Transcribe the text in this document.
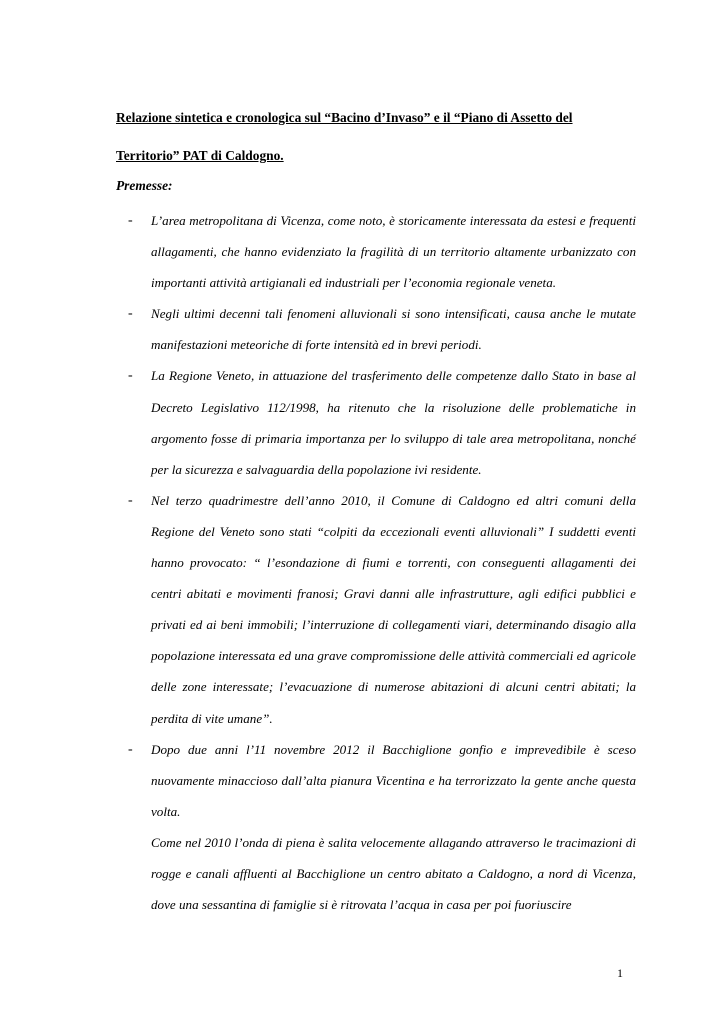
Relazione sintetica e cronologica sul “Bacino d’Invaso” e il “Piano di Assetto del
Territorio” PAT di Caldogno.
Premesse:
- L’area metropolitana di Vicenza, come noto, è storicamente interessata da estesi e frequenti allagamenti, che hanno evidenziato la fragilità di un territorio altamente urbanizzato con importanti attività artigianali ed industriali per l’economia regionale veneta.

- Negli ultimi decenni tali fenomeni alluvionali si sono intensificati, causa anche le mutate manifestazioni meteoriche di forte intensità ed in brevi periodi.

- La Regione Veneto, in attuazione del trasferimento delle competenze dallo Stato in base al Decreto Legislativo 112/1998, ha ritenuto che la risoluzione delle problematiche in argomento fosse di primaria importanza per lo sviluppo di tale area metropolitana, nonché per la sicurezza e salvaguardia della popolazione ivi residente.

- Nel terzo quadrimestre dell’anno 2010, il Comune di Caldogno ed altri comuni della Regione del Veneto sono stati “colpiti da eccezionali eventi alluvionali” I suddetti eventi hanno provocato: “ l’esondazione di fiumi e torrenti, con conseguenti allagamenti dei centri abitati e movimenti franosi; Gravi danni alle infrastrutture, agli edifici pubblici e privati ed ai beni immobili; l’interruzione di collegamenti viari, determinando disagio alla popolazione interessata ed una grave compromissione delle attività commerciali ed agricole delle zone interessate; l’evacuazione di numerose abitazioni di alcuni centri abitati; la perdita di vite umane”.

- Dopo due anni l’11 novembre 2012 il Bacchiglione gonfio e imprevedibile è sceso nuovamente minaccioso dall’alta pianura Vicentina e ha terrorizzato la gente anche questa volta.

Come nel 2010 l’onda di piena è salita velocemente allagando attraverso le tracimazioni di rogge e canali affluenti al Bacchiglione un centro abitato a Caldogno, a nord di Vicenza, dove una sessantina di famiglie si è ritrovata l’acqua in casa per poi fuoriuscire

1
